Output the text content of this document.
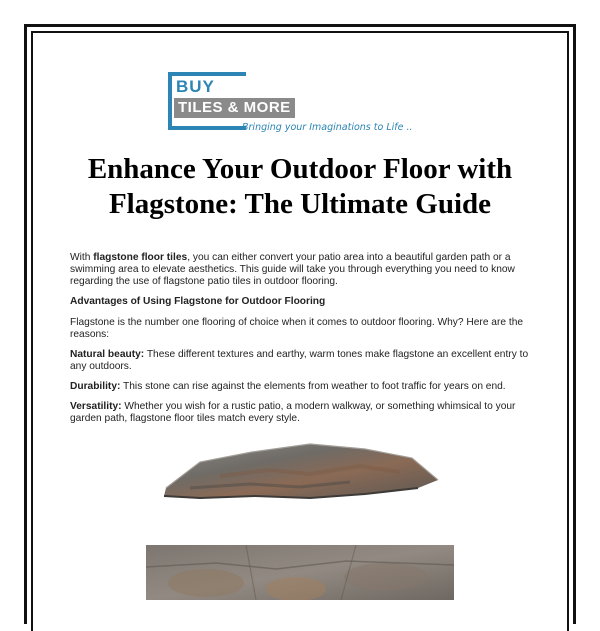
BUY
TILES & MORE
Bringing your Imaginations to Life ..
Enhance Your Outdoor Floor with Flagstone: The Ultimate Guide

With flagstone floor tiles, you can either convert your patio area into a beautiful garden path or a swimming area to elevate aesthetics. This guide will take you through everything you need to know regarding the use of flagstone patio tiles in outdoor flooring.

Advantages of Using Flagstone for Outdoor Flooring

Flagstone is the number one flooring of choice when it comes to outdoor flooring. Why? Here are the reasons:

Natural beauty: These different textures and earthy, warm tones make flagstone an excellent entry to any outdoors.

Durability: This stone can rise against the elements from weather to foot traffic for years on end.

Versatility: Whether you wish for a rustic patio, a modern walkway, or something whimsical to your garden path, flagstone floor tiles match every style.
